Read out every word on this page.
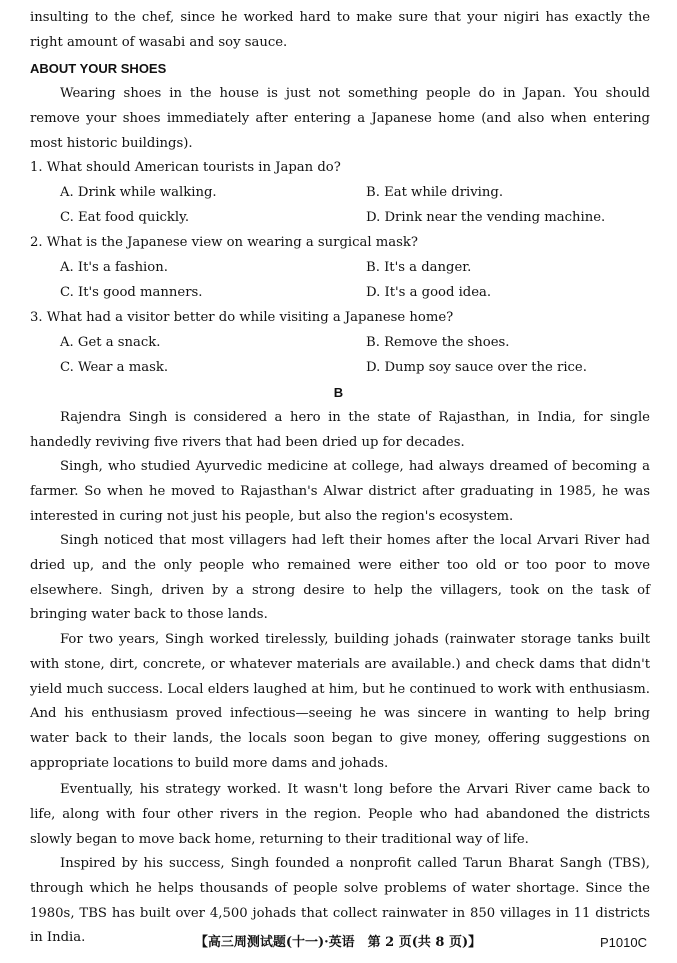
insulting to the chef, since he worked hard to make sure that your nigiri has exactly the right amount of wasabi and soy sauce.

ABOUT YOUR SHOES

Wearing shoes in the house is just not something people do in Japan. You should remove your shoes immediately after entering a Japanese home (and also when entering most historic buildings).

1. What should American tourists in Japan do?
A. Drink while walking.	B. Eat while driving.
C. Eat food quickly.	D. Drink near the vending machine.
2. What is the Japanese view on wearing a surgical mask?
A. It's a fashion.	B. It's a danger.
C. It's good manners.	D. It's a good idea.
3. What had a visitor better do while visiting a Japanese home?
A. Get a snack.	B. Remove the shoes.
C. Wear a mask.	D. Dump soy sauce over the rice.
B

Rajendra Singh is considered a hero in the state of Rajasthan, in India, for single handedly reviving five rivers that had been dried up for decades.

Singh, who studied Ayurvedic medicine at college, had always dreamed of becoming a farmer. So when he moved to Rajasthan's Alwar district after graduating in 1985, he was interested in curing not just his people, but also the region's ecosystem.

Singh noticed that most villagers had left their homes after the local Arvari River had dried up, and the only people who remained were either too old or too poor to move elsewhere. Singh, driven by a strong desire to help the villagers, took on the task of bringing water back to those lands.

For two years, Singh worked tirelessly, building johads (rainwater storage tanks built with stone, dirt, concrete, or whatever materials are available.) and check dams that didn't yield much success. Local elders laughed at him, but he continued to work with enthusiasm. And his enthusiasm proved infectious—seeing he was sincere in wanting to help bring water back to their lands, the locals soon began to give money, offering suggestions on appropriate locations to build more dams and johads.

Eventually, his strategy worked. It wasn't long before the Arvari River came back to life, along with four other rivers in the region. People who had abandoned the districts slowly began to move back home, returning to their traditional way of life.

Inspired by his success, Singh founded a nonprofit called Tarun Bharat Sangh (TBS), through which he helps thousands of people solve problems of water shortage. Since the 1980s, TBS has built over 4,500 johads that collect rainwater in 850 villages in 11 districts in India.	【高三周测试题(十一)·英语　第 2 页(共 8 页)】	P1010C
